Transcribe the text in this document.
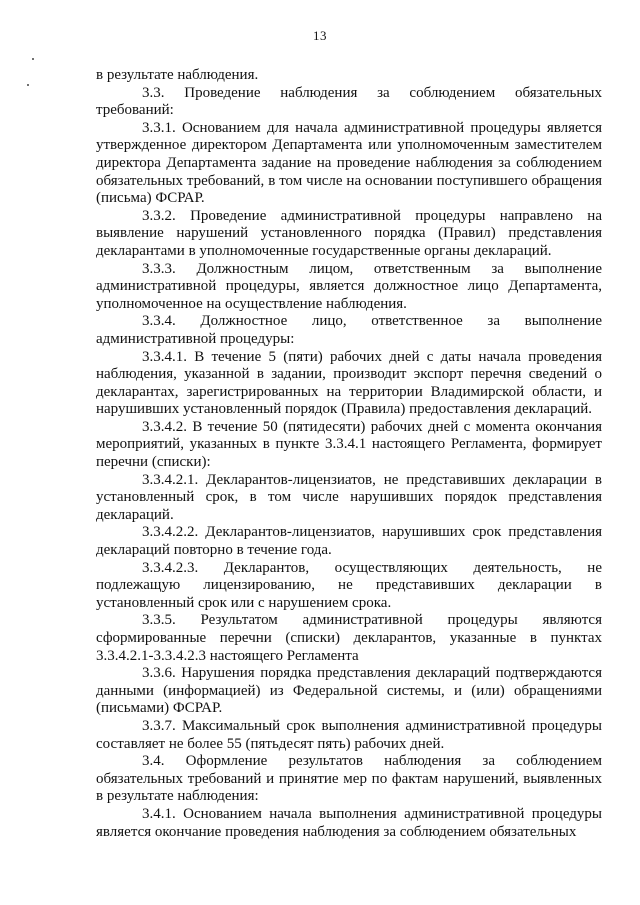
13

в результате наблюдения.

3.3. Проведение наблюдения за соблюдением обязательных требований:

3.3.1. Основанием для начала административной процедуры является утвержденное директором Департамента или уполномоченным заместителем директора Департамента задание на проведение наблюдения за соблюдением обязательных требований, в том числе на основании поступившего обращения (письма) ФСРАР.

3.3.2. Проведение административной процедуры направлено на выявление нарушений установленного порядка (Правил) представления декларантами в уполномоченные государственные органы деклараций.

3.3.3. Должностным лицом, ответственным за выполнение административной процедуры, является должностное лицо Департамента, уполномоченное на осуществление наблюдения.

3.3.4. Должностное лицо, ответственное за выполнение административной процедуры:

3.3.4.1. В течение 5 (пяти) рабочих дней с даты начала проведения наблюдения, указанной в задании, производит экспорт перечня сведений о декларантах, зарегистрированных на территории Владимирской области, и нарушивших установленный порядок (Правила) предоставления деклараций.

3.3.4.2. В течение 50 (пятидесяти) рабочих дней с момента окончания мероприятий, указанных в пункте 3.3.4.1 настоящего Регламента, формирует перечни (списки):

3.3.4.2.1. Декларантов-лицензиатов, не представивших декларации в установленный срок, в том числе нарушивших порядок представления деклараций.

3.3.4.2.2. Декларантов-лицензиатов, нарушивших срок представления деклараций повторно в течение года.

3.3.4.2.3. Декларантов, осуществляющих деятельность, не подлежащую лицензированию, не представивших декларации в установленный срок или с нарушением срока.

3.3.5. Результатом административной процедуры являются сформированные перечни (списки) декларантов, указанные в пунктах 3.3.4.2.1-3.3.4.2.3 настоящего Регламента

3.3.6. Нарушения порядка представления деклараций подтверждаются данными (информацией) из Федеральной системы, и (или) обращениями (письмами) ФСРАР.

3.3.7. Максимальный срок выполнения административной процедуры составляет не более 55 (пятьдесят пять) рабочих дней.

3.4. Оформление результатов наблюдения за соблюдением обязательных требований и принятие мер по фактам нарушений, выявленных в результате наблюдения:

3.4.1. Основанием начала выполнения административной процедуры является окончание проведения наблюдения за соблюдением обязательных
